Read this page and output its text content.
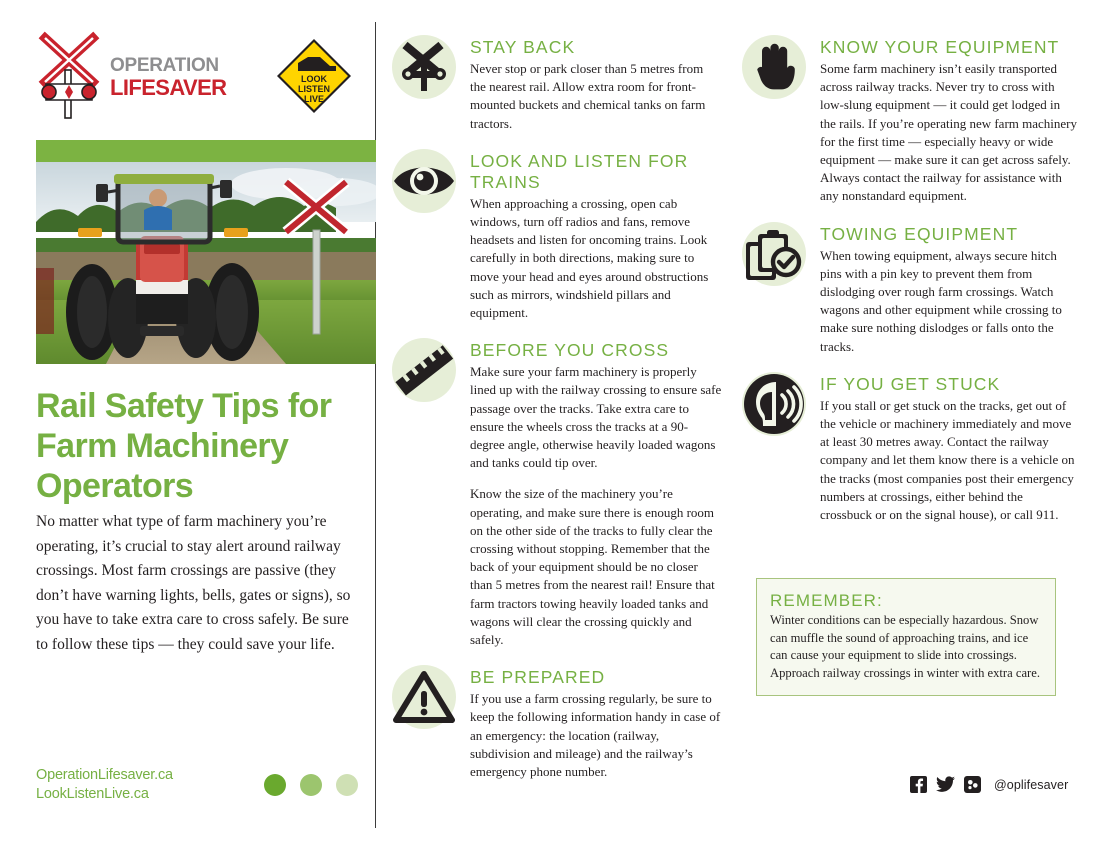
OPERATION
LIFESAVER	LOOK
LISTEN
LIVE
Rail Safety Tips for
Farm Machinery
Operators
No matter what type of farm machinery you’re operating, it’s crucial to stay alert around railway crossings. Most farm crossings are passive (they don’t have warning lights, bells, gates or signs), so you have to take extra care to cross safely. Be sure to follow these tips — they could save your life.
OperationLifesaver.ca
LookListenLive.ca
STAY BACK
Never stop or park closer than 5 metres from the nearest rail. Allow extra room for front-mounted buckets and chemical tanks on farm tractors.
LOOK AND LISTEN FOR TRAINS
When approaching a crossing, open cab windows, turn off radios and fans, remove headsets and listen for oncoming trains. Look carefully in both directions, making sure to move your head and eyes around obstructions such as mirrors, windshield pillars and equipment.
BEFORE YOU CROSS
Make sure your farm machinery is properly lined up with the railway crossing to ensure safe passage over the tracks. Take extra care to ensure the wheels cross the tracks at a 90-degree angle, otherwise heavily loaded wagons and tanks could tip over.
Know the size of the machinery you’re operating, and make sure there is enough room on the other side of the tracks to fully clear the crossing without stopping. Remember that the back of your equipment should be no closer than 5 metres from the nearest rail! Ensure that farm tractors towing heavily loaded tanks and wagons will clear the crossing quickly and safely.
BE PREPARED
If you use a farm crossing regularly, be sure to keep the following information handy in case of an emergency: the location (railway, subdivision and mileage) and the railway’s emergency phone number.
KNOW YOUR EQUIPMENT
Some farm machinery isn’t easily transported across railway tracks. Never try to cross with low-slung equipment — it could get lodged in the rails. If you’re operating new farm machinery for the first time — especially heavy or wide equipment — make sure it can get across safely. Always contact the railway for assistance with any nonstandard equipment.
TOWING EQUIPMENT
When towing equipment, always secure hitch pins with a pin key to prevent them from dislodging over rough farm crossings. Watch wagons and other equipment while crossing to make sure nothing dislodges or falls onto the tracks.
IF YOU GET STUCK
If you stall or get stuck on the tracks, get out of the vehicle or machinery immediately and move at least 30 metres away. Contact the railway company and let them know there is a vehicle on the tracks (most companies post their emergency numbers at crossings, either behind the crossbuck or on the signal house), or call 911.
REMEMBER:
Winter conditions can be especially hazardous. Snow can muffle the sound of approaching trains, and ice can cause your equipment to slide into crossings. Approach railway crossings in winter with extra care.
@oplifesaver
